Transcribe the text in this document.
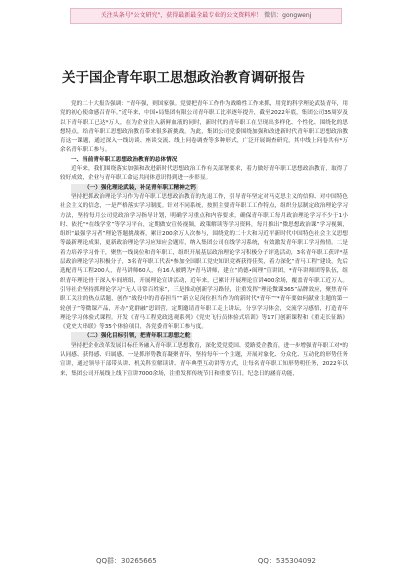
关注头条号"公文研究"，获得最新最全最专业的公文资料库！ 微信：gongwenj
关于国企青年职工思想政治教育调研报告

党的二十大报告强调：“青年强，则国家强。党要把青年工作作为战略性工作来抓，用党的科学理论武装青年，用党的初心使命感召青年。”近年来，中国•局集团有限公司青年职工比率逐年提升，截至2022年底，集团公司35周岁及以下青年职工已达*万人，在为企业注入新鲜血液的同时，新时代的青年职工在呈现出多样化、个性化、围绕化的思想特点，给青年职工思想政治教育带来很多新挑战。为此，集团公司党委围绕加强和改进新时代青年职工思想政治教育这一课题，通过深入一线访谈、座谈交流、线上问卷调查等多种形式，广泛开展调查研究，其中线上问卷共有*万余名青年职工参与。

一、当前青年职工思想政治教育的总体情况

近年来，我们围绕落实加强和改进新时代思想政治工作有关部署要求，着力做好青年职工思想政治教育，取得了较好成效，企业与青年职工命运共同体意识得到进一步彰显。

（一）强化理论武装，补足青年职工精神之钙

坚持把抓政治理论学习作为青年职工思想政治教育的先退工作，引导青年坚定对马克思主义的信仰、对中国特色社会主义的信念，一是严格落实学习制度。针对不同系统，按照主要青年职工工作特点，组织分层制定政治理论学习方法，坚持每月公司党政治学习指导计划，明确学习重点和内容要求，确保青年职工每月政治理论学习不少于1小时、依托“*在线学堂”等学习平台，定期做安宣传视频，政策解读等学习资料，每月推出“微思想政治课”学习视频，组织“最强学习者”理论答题挑战赛，累计200余万人次参与，围绕党的二十大和习近平新时代中国特色社会主义思想等最新理论成果，更新政治理论学习应知应会题库，纳入集团公司在线学习系统，有效激发青年职工学习热情。二是着力培养学习骨干，聚焦一线岗位和青年职工，组织开展基层政治理论学习积极分子评选活动，3名青年职工获评*基层政治理论学习积极分子，3名青年职工代表*参加全国职工党史知识竞赛获得佳奖，着力深化“青马工程”建设，先后选配青马工程200人，青马讲师60人，有16人被聘为*青马讲师，建立“尚德•闽理”宣讲团，*青年讲师团等队伍，组织青年理论骨干深入车间班组，开展理论宣讲活动，近年来，已累计开展理论宣讲400余场，覆盖青年职工近万人。引导社企坚持抓理论学习“无人寻常百姓家”，三是推动创新学习路径，注重发挥“理论微课365”品牌效应，聚焦青年职工关注的热点话题，创作“战役中的青春担当”“新立足岗位担当作为的新时代*青年”“*青年要如何献业主题的第一轮创子”等微课产品，开办“党群融”思训营，定期邀请青年职工走上讲坛，分享学习体会，交流学习感悟，打造青年理论学习体验式课程。开发《青马工程党政选观系列》《党史飞行员体验式培训》等17门创新课程和《重走长征路》《党史大串联》等35个体验项目，各党委青年职工参与度。

（二）强化目标引领，把青年职工思想之舵

坚持把企业改革发展目标任务融入青年职工思想教育，深化爱党爱国、爱路爱企教育，进一步增强青年职工对*的认同感、获得感、归属感。一是抓形势教育凝聚青年，坚持每年一个主题，开展对象化、分众化、互动化的形势任务宣讲，通过领导干部带头讲、机关科室解读讲、青年典型互动讲等方式，让每名青年职工知形势明任务，2022年以来，集团公司开展线上线下宣讲7000余场，注重发挥传统节日和重要节日，纪念日的涵育功能，

QQ群：30265665	QQ：535304092
